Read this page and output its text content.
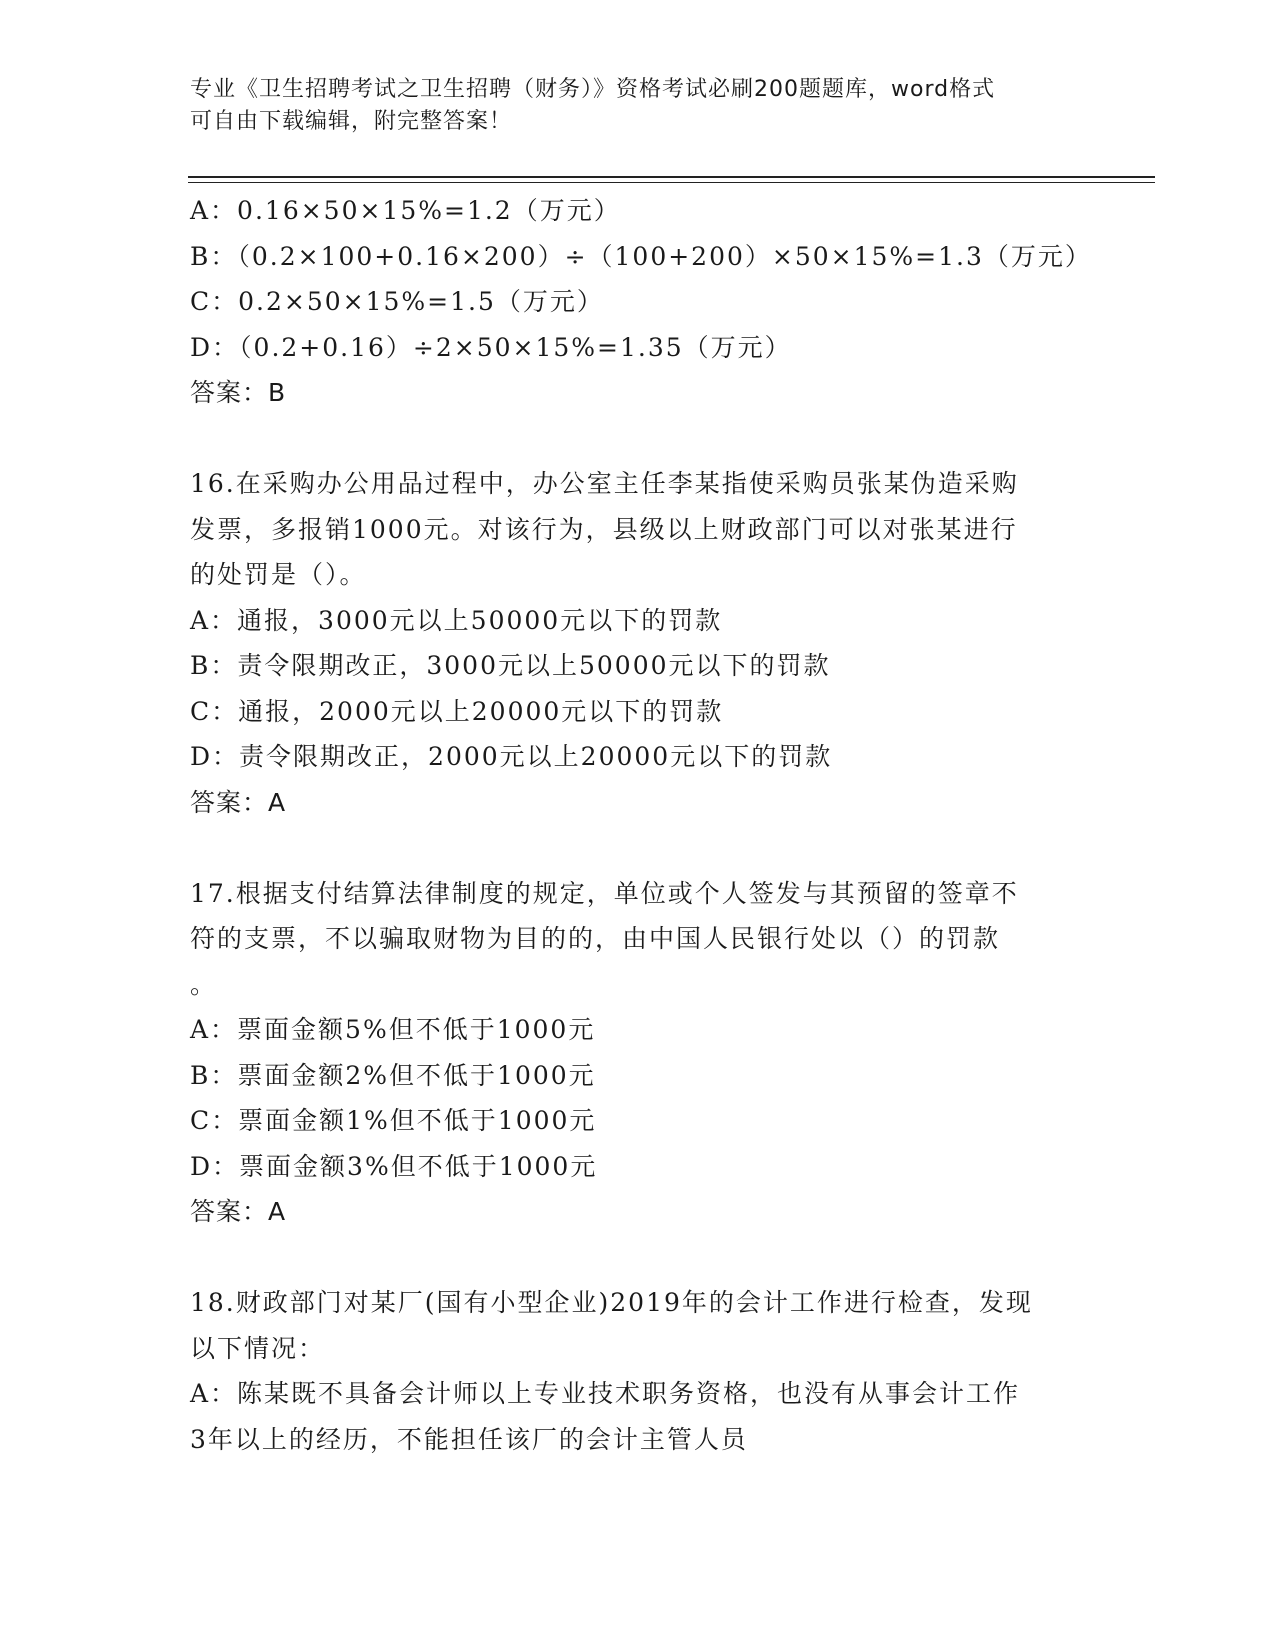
专业《卫生招聘考试之卫生招聘（财务）》资格考试必刷200题题库，word格式
可自由下载编辑，附完整答案！
A：0.16×50×15%=1.2（万元）
B：（0.2×100+0.16×200）÷（100+200）×50×15%=1.3（万元）
C：0.2×50×15%=1.5（万元）
D：（0.2+0.16）÷2×50×15%=1.35（万元）
答案：B
16.在采购办公用品过程中，办公室主任李某指使采购员张某伪造采购
发票，多报销1000元。对该行为，县级以上财政部门可以对张某进行
的处罚是（）。
A：通报，3000元以上50000元以下的罚款
B：责令限期改正，3000元以上50000元以下的罚款
C：通报，2000元以上20000元以下的罚款
D：责令限期改正，2000元以上20000元以下的罚款
答案：A
17.根据支付结算法律制度的规定，单位或个人签发与其预留的签章不
符的支票，不以骗取财物为目的的，由中国人民银行处以（）的罚款
。
A：票面金额5%但不低于1000元
B：票面金额2%但不低于1000元
C：票面金额1%但不低于1000元
D：票面金额3%但不低于1000元
答案：A
18.财政部门对某厂(国有小型企业)2019年的会计工作进行检查，发现
以下情况：
A：陈某既不具备会计师以上专业技术职务资格，也没有从事会计工作
3年以上的经历，不能担任该厂的会计主管人员
